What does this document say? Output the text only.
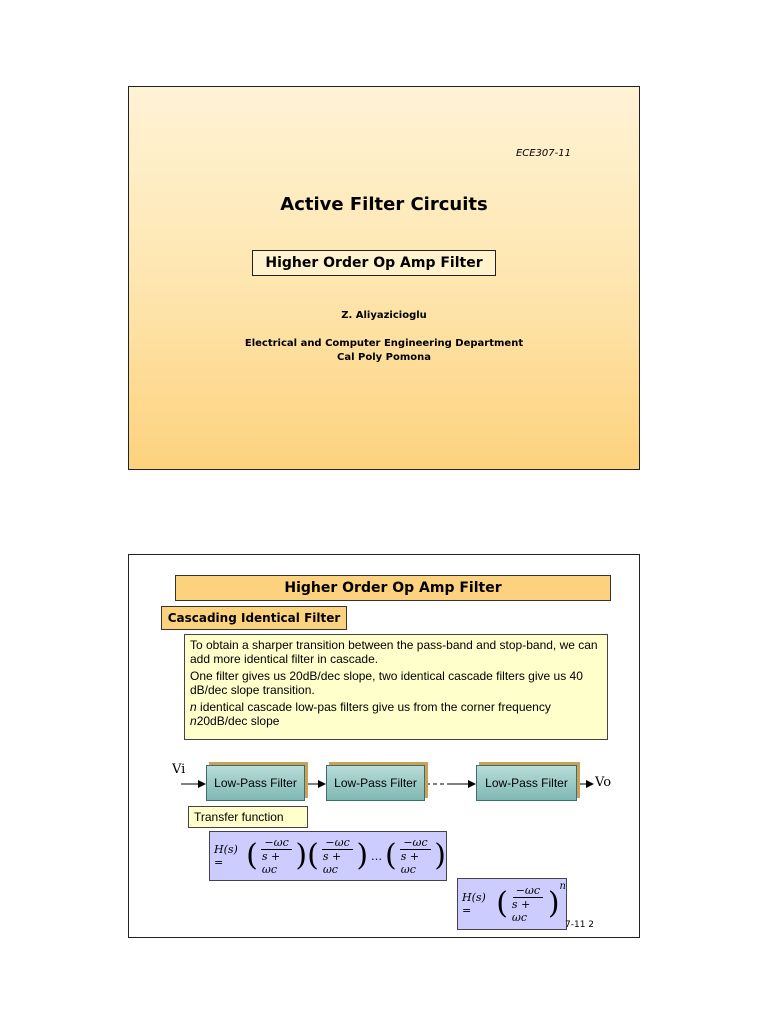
ECE307-11
Active Filter Circuits
Higher Order Op Amp Filter
Z. Aliyazicioglu
Electrical and Computer Engineering Department
Cal Poly Pomona
Higher Order Op Amp Filter
Cascading Identical Filter

To obtain a sharper transition between the pass-band and stop-band, we can add more identical filter in cascade.

One filter gives us 20dB/dec slope, two identical cascade filters give us 40 dB/dec slope transition.

n identical cascade low-pas filters give us from the corner frequency n20dB/dec slope

Vi
Vo
Low-Pass Filter	Low-Pass Filter	Low-Pass Filter
Transfer function
H(s) = ( $\frac{-\omega c}{s + \omega c}$ ) ( $\frac{-\omega c}{s + \omega c}$ ) … ( $\frac{-\omega c}{s + \omega c}$ )
H(s) = ( $\frac{-\omega c}{s + \omega c}$ ) n
7-11 2
